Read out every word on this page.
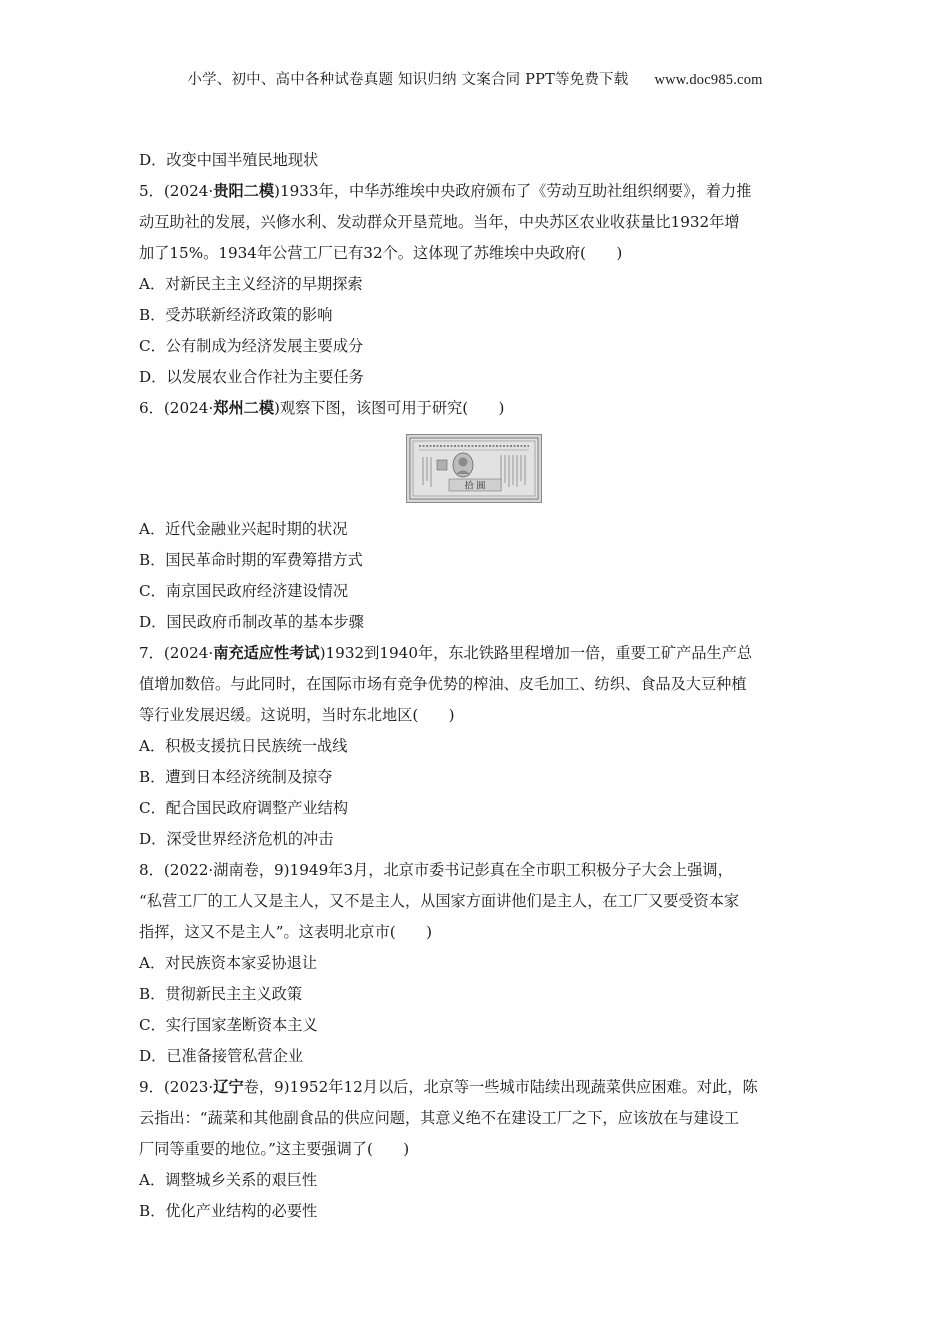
小学、初中、高中各种试卷真题 知识归纳 文案合同 PPT等免费下载 www.doc985.com
D．改变中国半殖民地现状
5．(2024·贵阳二模)1933年，中华苏维埃中央政府颁布了《劳动互助社组织纲要》，着力推
动互助社的发展，兴修水利、发动群众开垦荒地。当年，中央苏区农业收获量比1932年增
加了15%。1934年公营工厂已有32个。这体现了苏维埃中央政府(　　)
A．对新民主主义经济的早期探索
B．受苏联新经济政策的影响
C．公有制成为经济发展主要成分
D．以发展农业合作社为主要任务
6．(2024·郑州二模)观察下图，该图可用于研究(　　)
拾 圓
A．近代金融业兴起时期的状况
B．国民革命时期的军费筹措方式
C．南京国民政府经济建设情况
D．国民政府币制改革的基本步骤
7．(2024·南充适应性考试)1932到1940年，东北铁路里程增加一倍，重要工矿产品生产总
值增加数倍。与此同时，在国际市场有竞争优势的榨油、皮毛加工、纺织、食品及大豆种植
等行业发展迟缓。这说明，当时东北地区(　　)
A．积极支援抗日民族统一战线
B．遭到日本经济统制及掠夺
C．配合国民政府调整产业结构
D．深受世界经济危机的冲击
8．(2022·湖南卷，9)1949年3月，北京市委书记彭真在全市职工积极分子大会上强调，
“私营工厂的工人又是主人，又不是主人，从国家方面讲他们是主人，在工厂又要受资本家
指挥，这又不是主人”。这表明北京市(　　)
A．对民族资本家妥协退让
B．贯彻新民主主义政策
C．实行国家垄断资本主义
D．已准备接管私营企业
9．(2023·辽宁卷，9)1952年12月以后，北京等一些城市陆续出现蔬菜供应困难。对此，陈
云指出：“蔬菜和其他副食品的供应问题，其意义绝不在建设工厂之下，应该放在与建设工
厂同等重要的地位。”这主要强调了(　　)
A．调整城乡关系的艰巨性
B．优化产业结构的必要性
